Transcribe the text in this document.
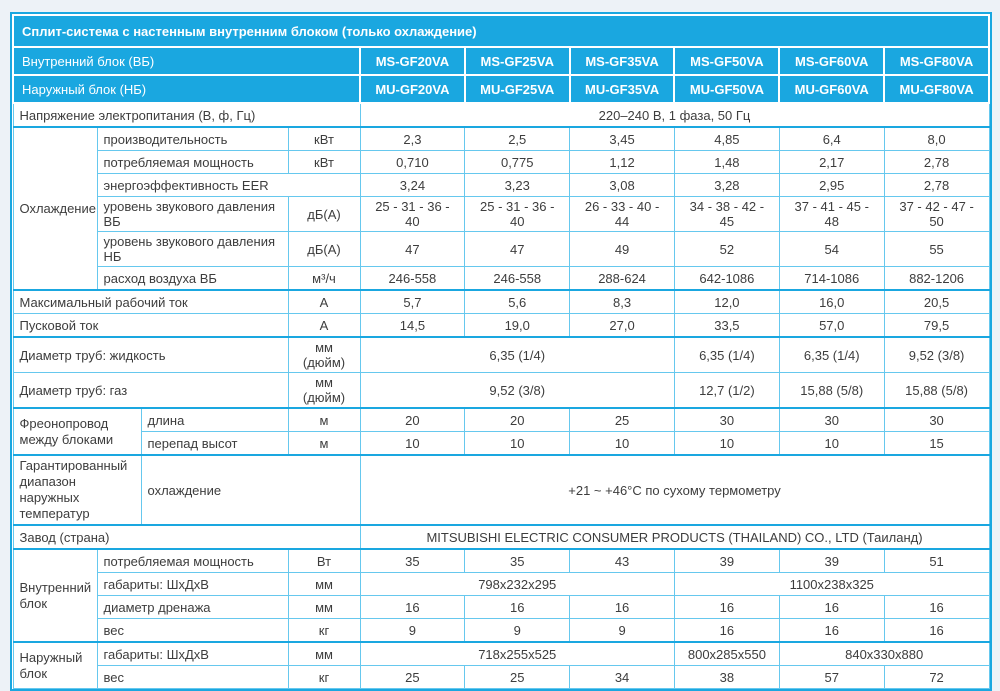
Сплит-система с настенным внутренним блоком (только охлаждение)									
Внутренний блок (ВБ)				MS-GF20VA	MS-GF25VA	MS-GF35VA	MS-GF50VA	MS-GF60VA	MS-GF80VA
Наружный блок (НБ)				MU-GF20VA	MU-GF25VA	MU-GF35VA	MU-GF50VA	MU-GF60VA	MU-GF80VA
Напряжение электропитания (В, ф, Гц)				220–240 В, 1 фаза, 50 Гц					
Охлаждение	производительность		кВт	2,3	2,5	3,45	4,85	6,4	8,0
	потребляемая мощность		кВт	0,710	0,775	1,12	1,48	2,17	2,78
	энергоэффективность EER			3,24	3,23	3,08	3,28	2,95	2,78
	уровень звукового давления ВБ		дБ(А)	25 - 31 - 36 - 40	25 - 31 - 36 - 40	26 - 33 - 40 - 44	34 - 38 - 42 - 45	37 - 41 - 45 - 48	37 - 42 - 47 - 50
	уровень звукового давления НБ		дБ(А)	47	47	49	52	54	55
	расход воздуха ВБ		м³/ч	246-558	246-558	288-624	642-1086	714-1086	882-1206
Максимальный рабочий ток			А	5,7	5,6	8,3	12,0	16,0	20,5
Пусковой ток			А	14,5	19,0	27,0	33,5	57,0	79,5
Диаметр труб: жидкость			мм (дюйм)	6,35 (1/4)			6,35 (1/4)	6,35 (1/4)	9,52 (3/8)
Диаметр труб: газ			мм (дюйм)	9,52 (3/8)			12,7 (1/2)	15,88 (5/8)	15,88 (5/8)
Фреонопровод между блоками		длина	м	20	20	25	30	30	30
		перепад высот	м	10	10	10	10	10	15
Гарантированный диапазон наружных температур		охлаждение		+21 ~ +46°C по сухому термометру					
Завод (страна)				MITSUBISHI ELECTRIC CONSUMER PRODUCTS (THAILAND) CO., LTD (Таиланд)					
Внутренний блок	потребляемая мощность		Вт	35	35	43	39	39	51
	габариты: ШхДхВ		мм	798x232x295			1100x238x325		
	диаметр дренажа		мм	16	16	16	16	16	16
	вес		кг	9	9	9	16	16	16
Наружный блок	габариты: ШхДхВ		мм	718x255x525			800x285x550	840x330x880	
	вес		кг	25	25	34	38	57	72
